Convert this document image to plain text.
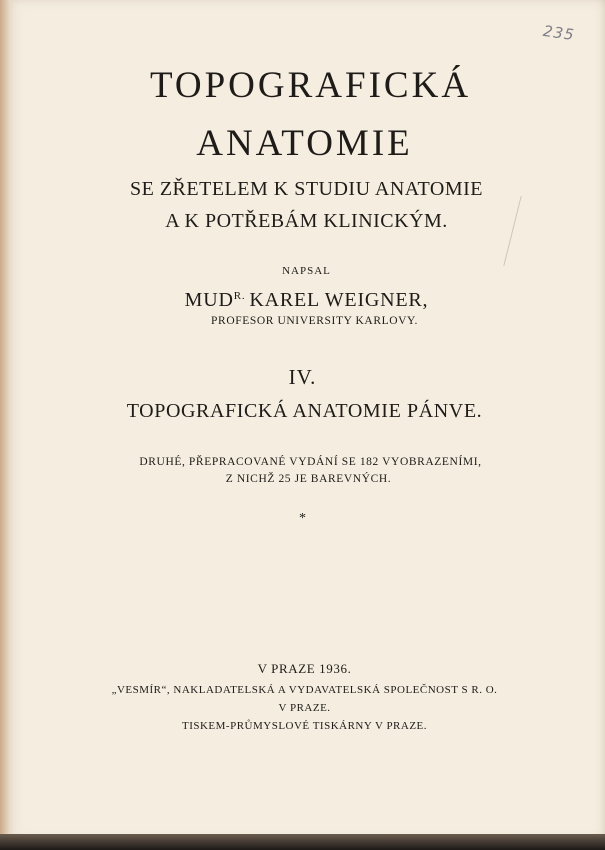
235
TOPOGRAFICKÁ
ANATOMIE
SE ZŘETELEM K STUDIU ANATOMIE
A K POTŘEBÁM KLINICKÝM.
NAPSAL
$MUD^{R.}$ KAREL WEIGNER,
PROFESOR UNIVERSITY KARLOVY.
IV.
TOPOGRAFICKÁ ANATOMIE PÁNVE.
DRUHÉ, PŘEPRACOVANÉ VYDÁNÍ SE 182 VYOBRAZENÍMI,
Z NICHŽ 25 JE BAREVNÝCH.
*
V PRAZE 1936.
„VESMÍR“, NAKLADATELSKÁ A VYDAVATELSKÁ SPOLEČNOST S R. O.
V PRAZE.
TISKEM-PRŮMYSLOVÉ TISKÁRNY V PRAZE.
